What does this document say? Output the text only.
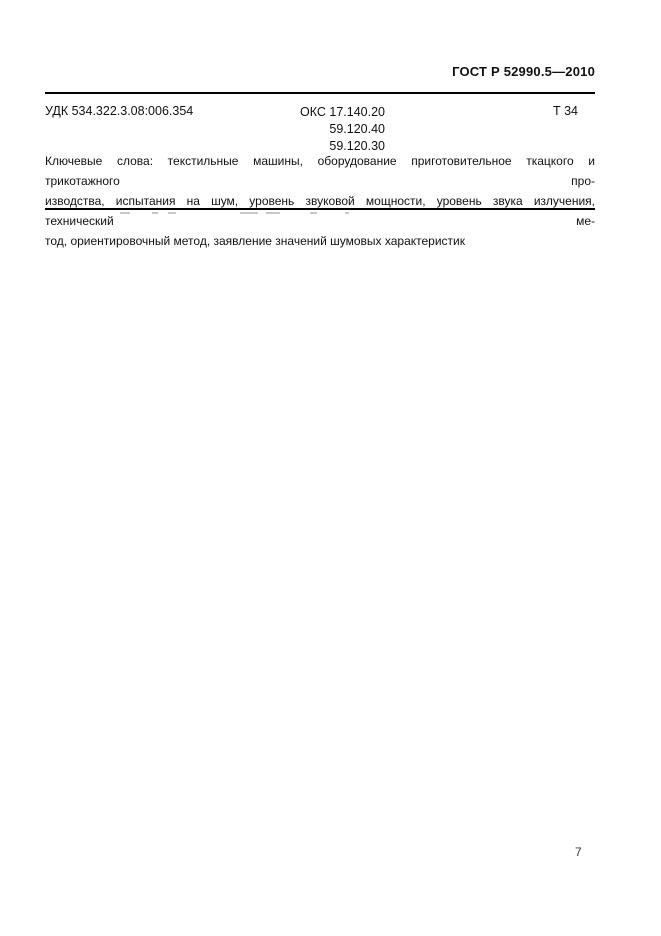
ГОСТ Р 52990.5—2010
УДК 534.322.3.08:006.354	ОКС 17.140.20
59.120.40
59.120.30
Т 34
Ключевые слова: текстильные машины, оборудование приготовительное ткацкого и трикотажного про-
изводства, испытания на шум, уровень звуковой мощности, уровень звука излучения, технический ме-
тод, ориентировочный метод, заявление значений шумовых характеристик
7
